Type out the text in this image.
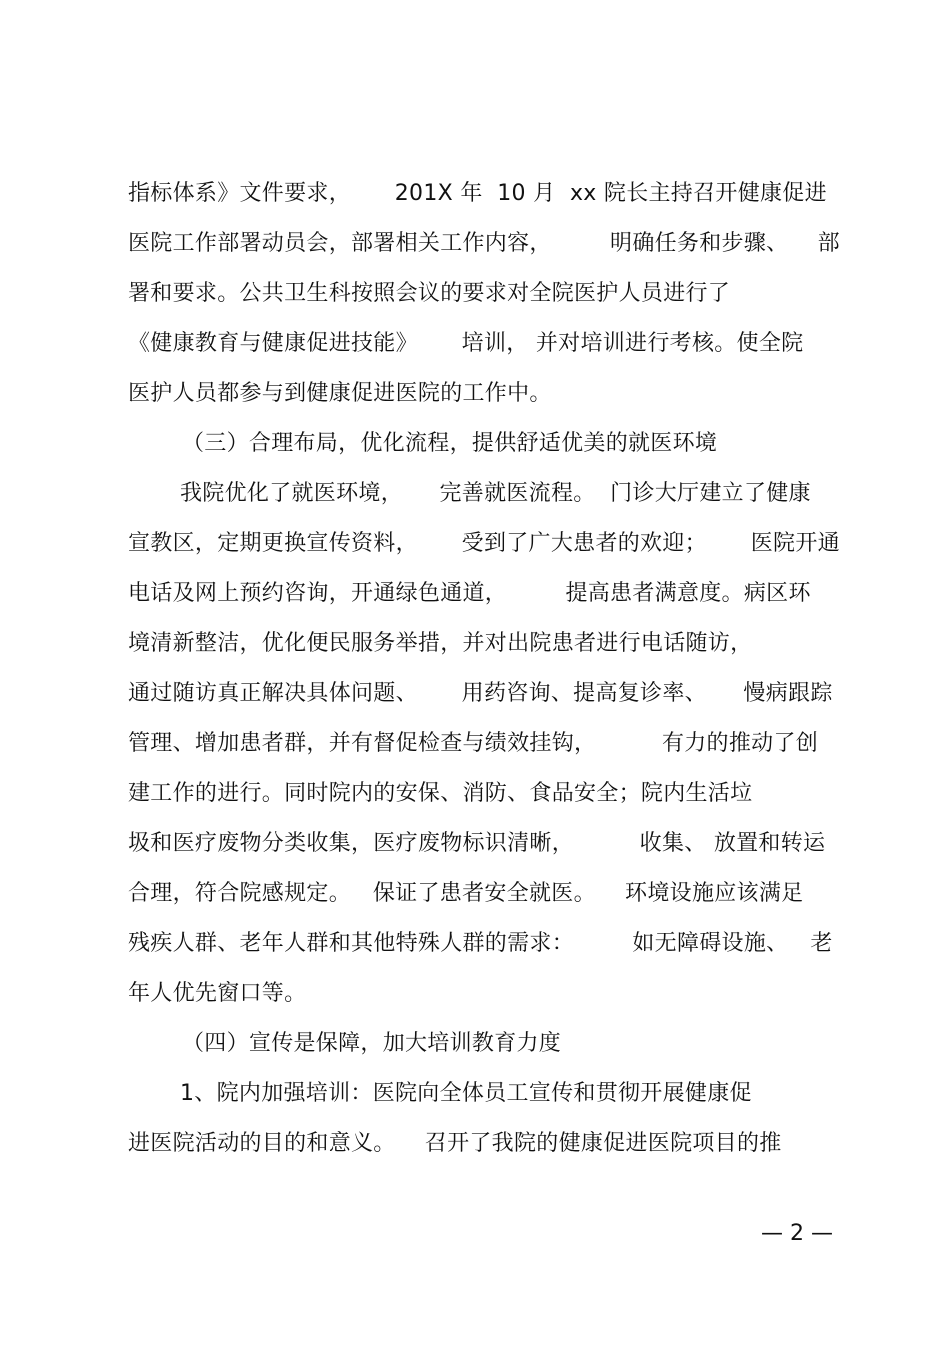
指标体系》文件要求，      201X 年  10 月  xx 院长主持召开健康促进
医院工作部署动员会，部署相关工作内容，        明确任务和步骤、    部
署和要求。公共卫生科按照会议的要求对全院医护人员进行了
《健康教育与健康促进技能》      培训， 并对培训进行考核。使全院
医护人员都参与到健康促进医院的工作中。
（三）合理布局，优化流程，提供舒适优美的就医环境
我院优化了就医环境，     完善就医流程。  门诊大厅建立了健康
宣教区，定期更换宣传资料，      受到了广大患者的欢迎；      医院开通
电话及网上预约咨询，开通绿色通道，        提高患者满意度。病区环
境清新整洁，优化便民服务举措，并对出院患者进行电话随访，
通过随访真正解决具体问题、      用药咨询、提高复诊率、     慢病跟踪
管理、增加患者群，并有督促检查与绩效挂钩，         有力的推动了创
建工作的进行。同时院内的安保、消防、食品安全；院内生活垃
圾和医疗废物分类收集，医疗废物标识清晰，         收集、 放置和转运
合理，符合院感规定。   保证了患者安全就医。    环境设施应该满足
残疾人群、老年人群和其他特殊人群的需求：        如无障碍设施、   老
年人优先窗口等。
（四）宣传是保障，加大培训教育力度
1、院内加强培训：医院向全体员工宣传和贯彻开展健康促
进医院活动的目的和意义。    召开了我院的健康促进医院项目的推
— 2 —
